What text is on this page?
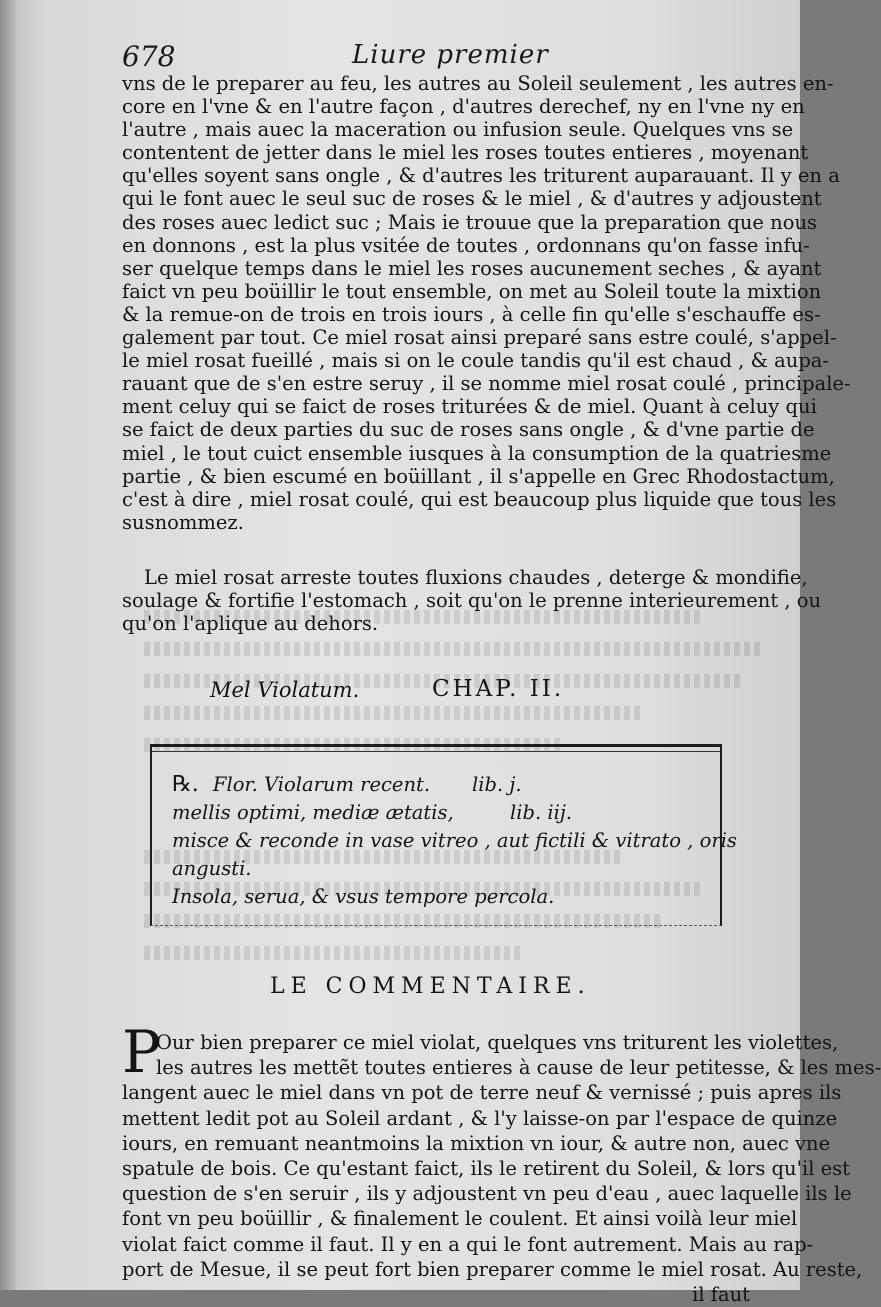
678	Liure premier
vns de le preparer au feu, les autres au Soleil seulement , les autres en-
core en l'vne & en l'autre façon , d'autres derechef, ny en l'vne ny en
l'autre , mais auec la maceration ou infusion seule. Quelques vns se
contentent de jetter dans le miel les roses toutes entieres , moyenant
qu'elles soyent sans ongle , & d'autres les triturent auparauant. Il y en a
qui le font auec le seul suc de roses & le miel , & d'autres y adjoustent
des roses auec ledict suc ; Mais ie trouue que la preparation que nous
en donnons , est la plus vsitée de toutes , ordonnans qu'on fasse infu-
ser quelque temps dans le miel les roses aucunement seches , & ayant
faict vn peu boüillir le tout ensemble, on met au Soleil toute la mixtion
& la remue-on de trois en trois iours , à celle fin qu'elle s'eschauffe es-
galement par tout. Ce miel rosat ainsi preparé sans estre coulé, s'appel-
le miel rosat fueillé , mais si on le coule tandis qu'il est chaud , & aupa-
rauant que de s'en estre seruy , il se nomme miel rosat coulé , principale-
ment celuy qui se faict de roses triturées & de miel. Quant à celuy qui
se faict de deux parties du suc de roses sans ongle , & d'vne partie de
miel , le tout cuict ensemble iusques à la consumption de la quatriesme
partie , & bien escumé en boüillant , il s'appelle en Grec Rhodostactum,
c'est à dire , miel rosat coulé, qui est beaucoup plus liquide que tous les
susnommez.
Le miel rosat arreste toutes fluxions chaudes , deterge & mondifie,
soulage & fortifie l'estomach , soit qu'on le prenne interieurement , ou
qu'on l'aplique au dehors.
Mel Violatum.	CHAP. II.
℞. Flor. Violarum recent. lib. j.
mellis optimi, mediæ ætatis,	lib. iij.
misce & recondе in vase vitreo , aut fictili & vitrato , oris
angusti.
Insola, serua, & vsus tempore percola.
LE COMMENTAIRE.
P
Our bien preparer ce miel violat, quelques vns triturent les violettes,
les autres les mettẽt toutes entieres à cause de leur petitesse, & les mes-
langent auec le miel dans vn pot de terre neuf & vernissé ; puis apres ils
mettent ledit pot au Soleil ardant , & l'y laisse-on par l'espace de quinze
iours, en remuant neantmoins la mixtion vn iour, & autre non, auec vne
spatule de bois. Ce qu'estant faict, ils le retirent du Soleil, & lors qu'il est
question de s'en seruir , ils y adjoustent vn peu d'eau , auec laquelle ils le
font vn peu boüillir , & finalement le coulent. Et ainsi voilà leur miel
violat faict comme il faut. Il y en a qui le font autrement. Mais au rap-
port de Mesue, il se peut fort bien preparer comme le miel rosat. Au reste,
il faut
